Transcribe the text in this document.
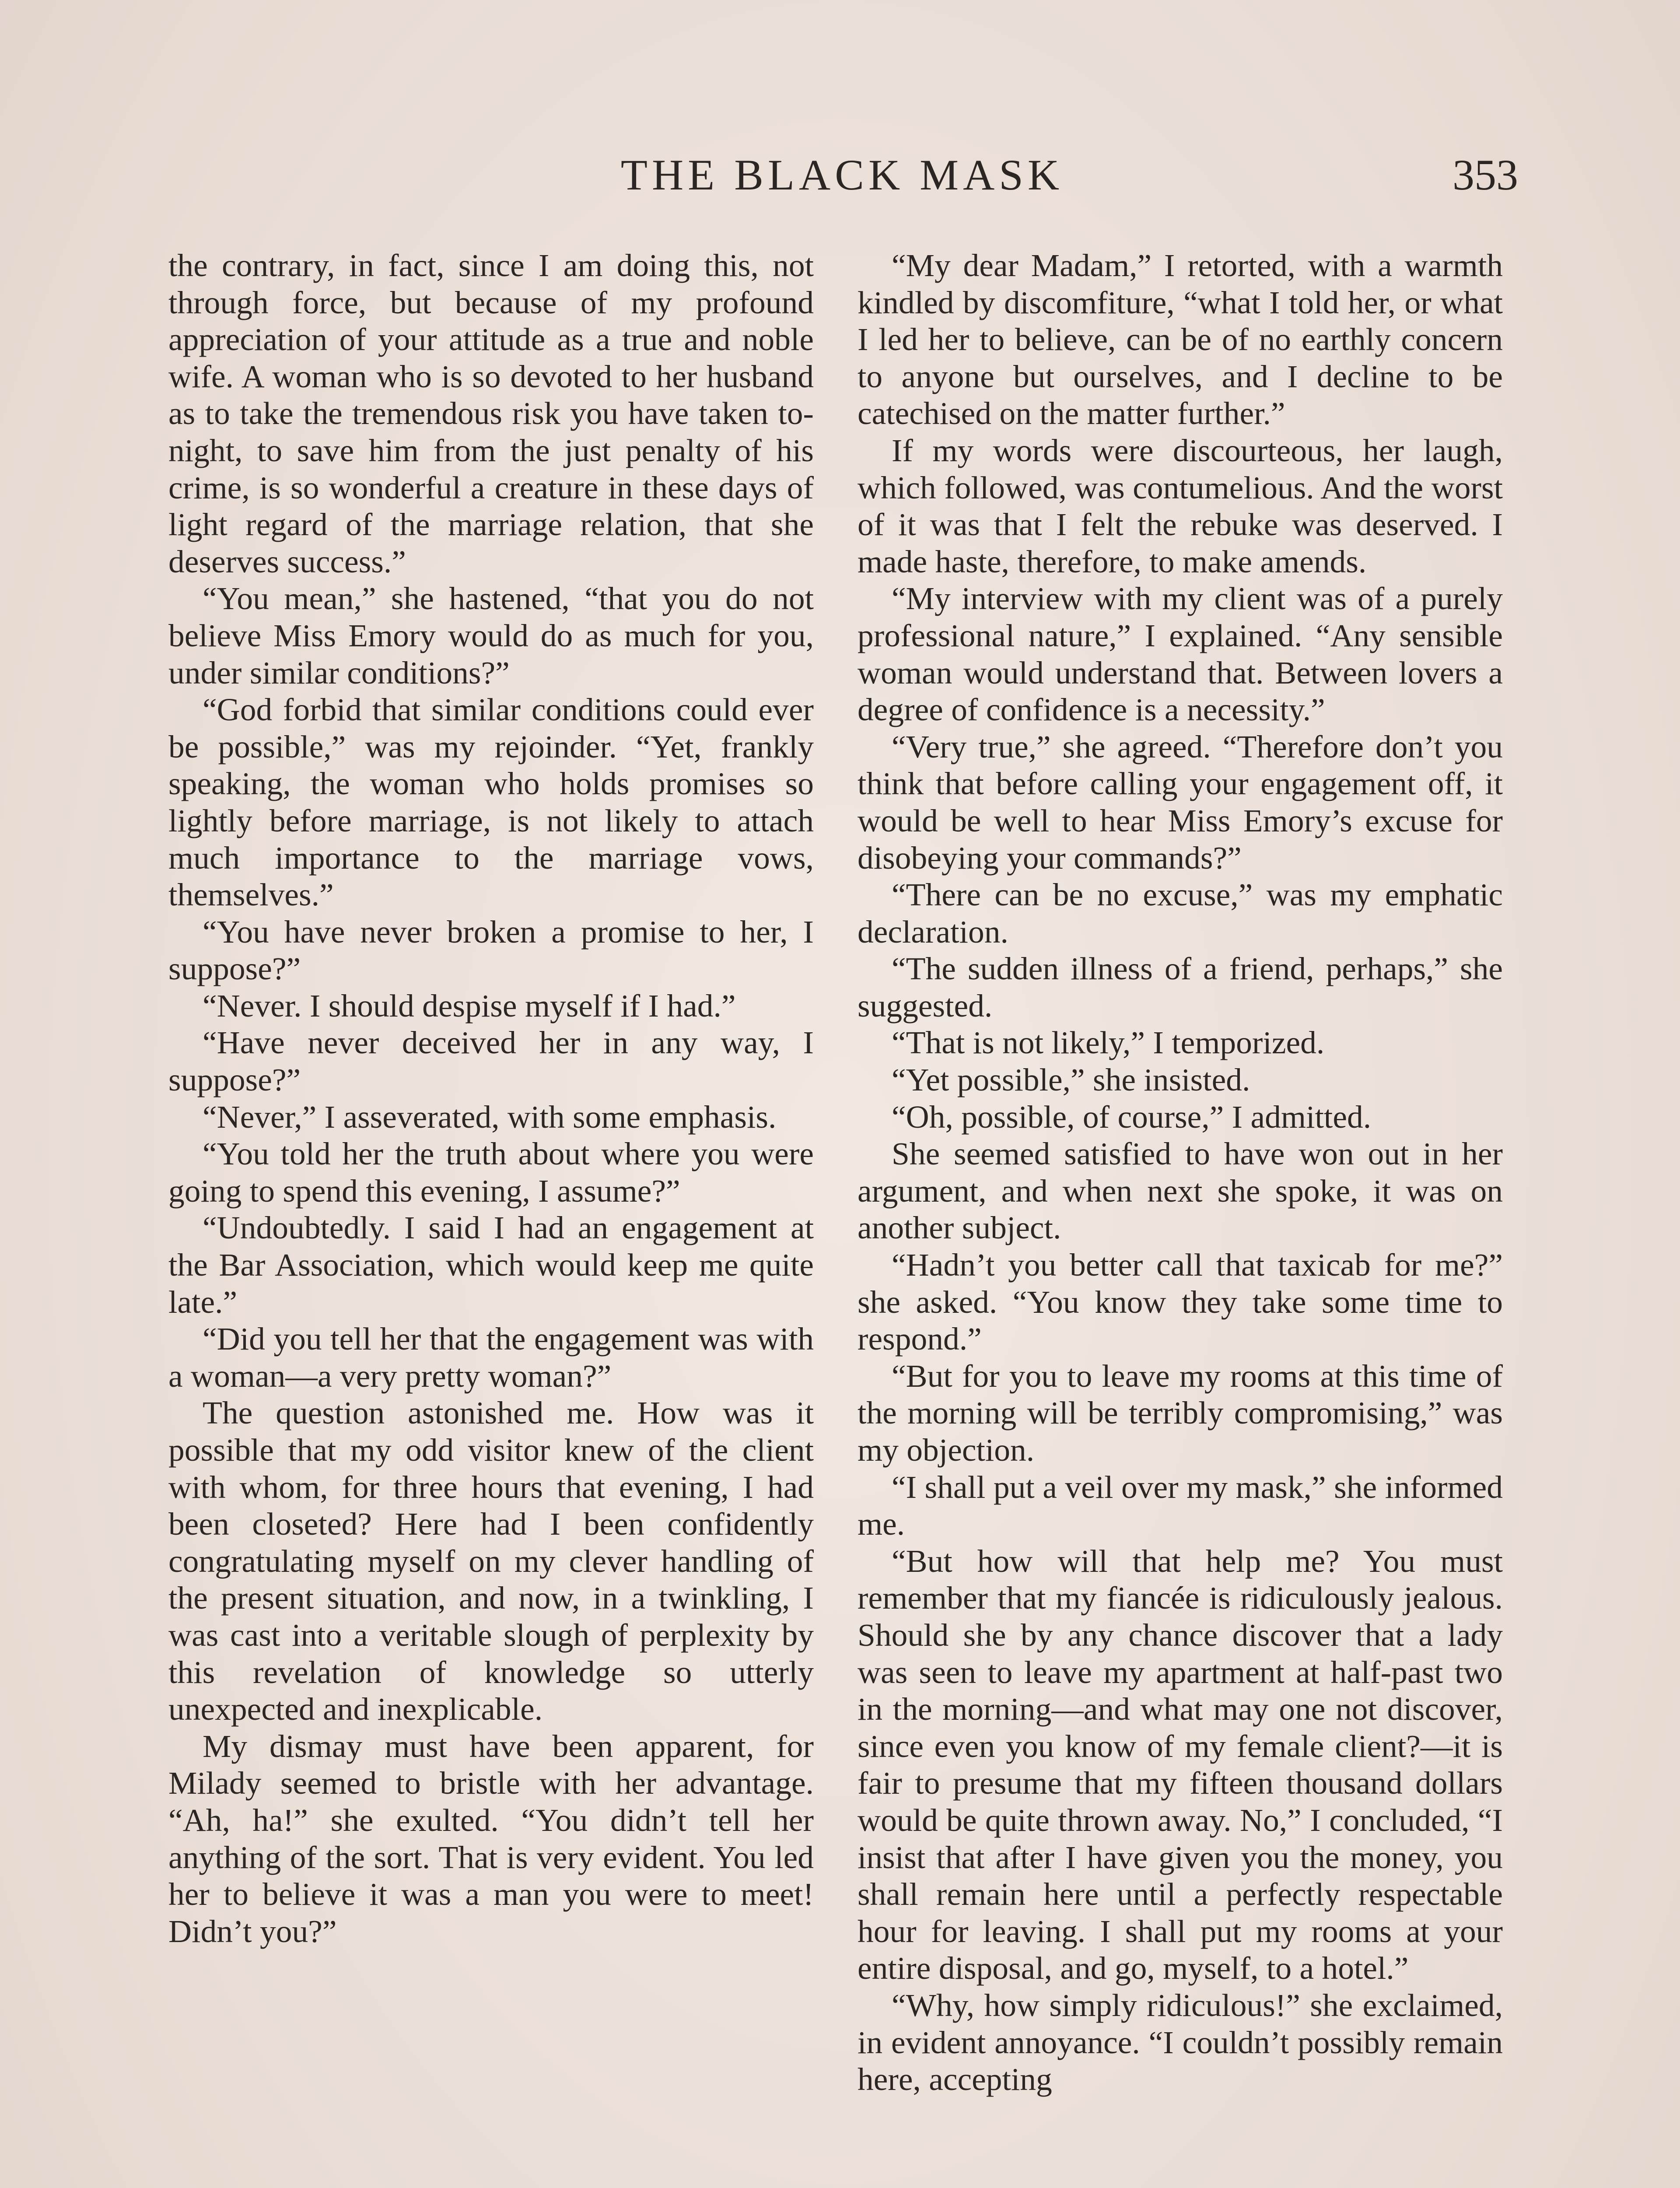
THE BLACK MASK	353

the contrary, in fact, since I am doing this, not through force, but because of my profound appreciation of your attitude as a true and noble wife. A woman who is so devoted to her husband as to take the tremendous risk you have taken to-night, to save him from the just penalty of his crime, is so wonderful a creature in these days of light regard of the marriage relation, that she deserves success.”

“You mean,” she hastened, “that you do not believe Miss Emory would do as much for you, under similar conditions?”

“God forbid that similar conditions could ever be possible,” was my rejoinder. “Yet, frankly speaking, the woman who holds promises so lightly before marriage, is not likely to attach much importance to the marriage vows, themselves.”

“You have never broken a promise to her, I suppose?”

“Never. I should despise myself if I had.”

“Have never deceived her in any way, I suppose?”

“Never,” I asseverated, with some emphasis.

“You told her the truth about where you were going to spend this evening, I assume?”

“Undoubtedly. I said I had an engagement at the Bar Association, which would keep me quite late.”

“Did you tell her that the engagement was with a woman—a very pretty woman?”

The question astonished me. How was it possible that my odd visitor knew of the client with whom, for three hours that evening, I had been closeted? Here had I been confidently congratulating myself on my clever handling of the present situation, and now, in a twinkling, I was cast into a veritable slough of perplexity by this revelation of knowledge so utterly unexpected and inexplicable.

My dismay must have been apparent, for Milady seemed to bristle with her advantage. “Ah, ha!” she exulted. “You didn’t tell her anything of the sort. That is very evident. You led her to believe it was a man you were to meet! Didn’t you?”

“My dear Madam,” I retorted, with a warmth kindled by discomfiture, “what I told her, or what I led her to believe, can be of no earthly concern to anyone but ourselves, and I decline to be catechised on the matter further.”

If my words were discourteous, her laugh, which followed, was contumelious. And the worst of it was that I felt the rebuke was deserved. I made haste, therefore, to make amends.

“My interview with my client was of a purely professional nature,” I explained. “Any sensible woman would understand that. Between lovers a degree of confidence is a necessity.”

“Very true,” she agreed. “Therefore don’t you think that before calling your engagement off, it would be well to hear Miss Emory’s excuse for disobeying your commands?”

“There can be no excuse,” was my emphatic declaration.

“The sudden illness of a friend, perhaps,” she suggested.

“That is not likely,” I temporized.

“Yet possible,” she insisted.

“Oh, possible, of course,” I admitted.

She seemed satisfied to have won out in her argument, and when next she spoke, it was on another subject.

“Hadn’t you better call that taxicab for me?” she asked. “You know they take some time to respond.”

“But for you to leave my rooms at this time of the morning will be terribly compromising,” was my objection.

“I shall put a veil over my mask,” she informed me.

“But how will that help me? You must remember that my fiancée is ridiculously jealous. Should she by any chance discover that a lady was seen to leave my apartment at half-past two in the morning—and what may one not discover, since even you know of my female client?—it is fair to presume that my fifteen thousand dollars would be quite thrown away. No,” I concluded, “I insist that after I have given you the money, you shall remain here until a perfectly respectable hour for leaving. I shall put my rooms at your entire disposal, and go, myself, to a hotel.”

“Why, how simply ridiculous!” she exclaimed, in evident annoyance. “I couldn’t possibly remain here, accepting
